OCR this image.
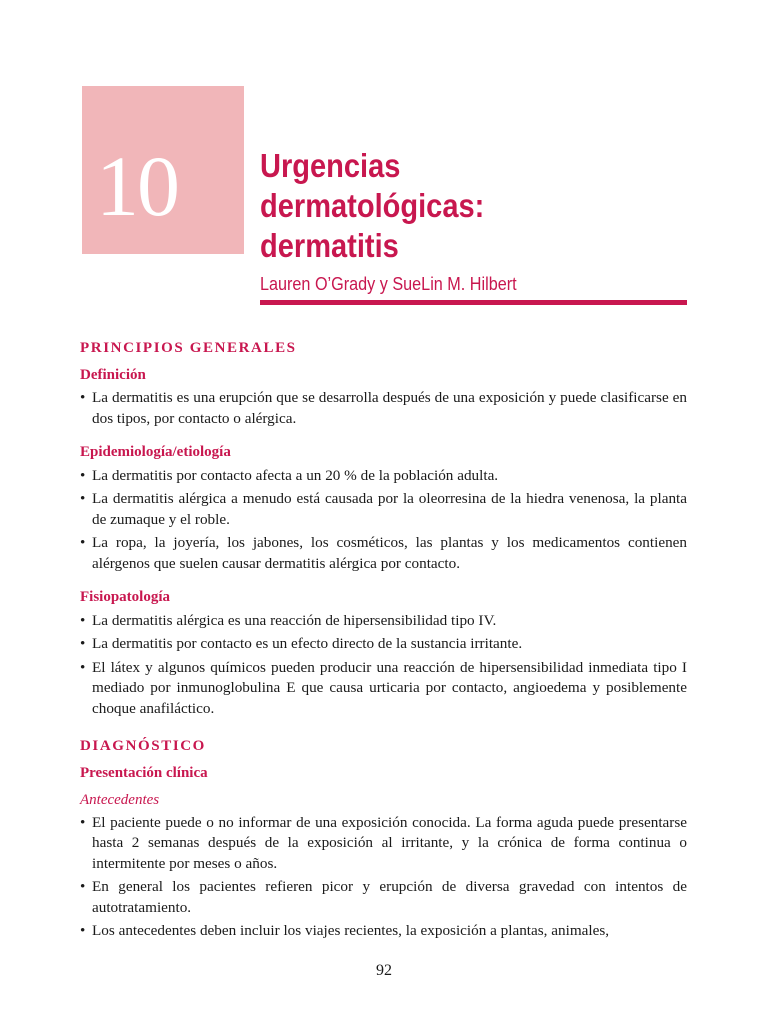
10 Urgencias
dermatológicas:
dermatitis
Lauren O’Grady y SueLin M. Hilbert
PRINCIPIOS GENERALES
Definición
• La dermatitis es una erupción que se desarrolla después de una exposición y puede clasificarse en dos tipos, por contacto o alérgica.
Epidemiología/etiología
• La dermatitis por contacto afecta a un 20 % de la población adulta.
• La dermatitis alérgica a menudo está causada por la oleorresina de la hiedra venenosa, la planta de zumaque y el roble.
• La ropa, la joyería, los jabones, los cosméticos, las plantas y los medicamentos contienen alérgenos que suelen causar dermatitis alérgica por contacto.
Fisiopatología
• La dermatitis alérgica es una reacción de hipersensibilidad tipo IV.
• La dermatitis por contacto es un efecto directo de la sustancia irritante.
• El látex y algunos químicos pueden producir una reacción de hipersensibilidad inmediata tipo I mediado por inmunoglobulina E que causa urticaria por contacto, angioedema y posiblemente choque anafiláctico.
DIAGNÓSTICO
Presentación clínica
Antecedentes
• El paciente puede o no informar de una exposición conocida. La forma aguda puede presentarse hasta 2 semanas después de la exposición al irritante, y la crónica de forma continua o intermitente por meses o años.
• En general los pacientes refieren picor y erupción de diversa gravedad con intentos de autotratamiento.
• Los antecedentes deben incluir los viajes recientes, la exposición a plantas, animales,
92
